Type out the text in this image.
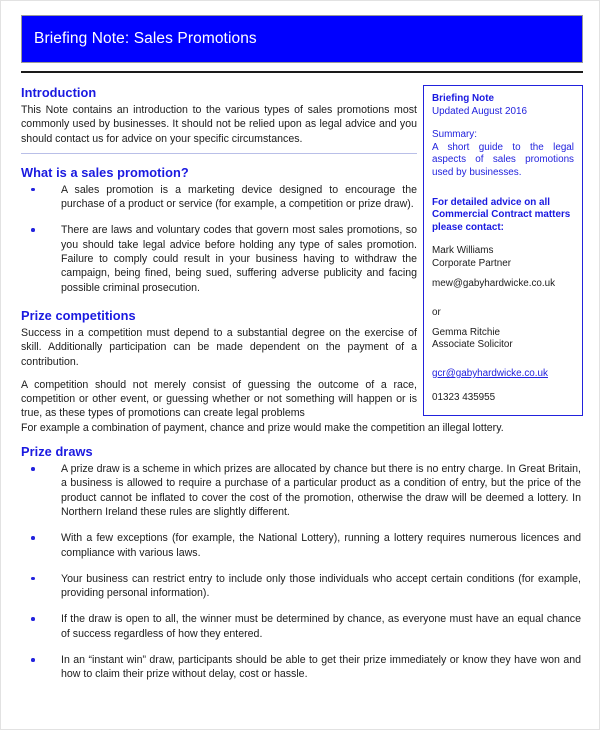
Briefing Note: Sales Promotions
Briefing Note
Updated August 2016
Summary:
A short guide to the legal aspects of sales promotions used by businesses.
For detailed advice on all Commercial Contract matters please contact:
Mark Williams
Corporate Partner
mew@gabyhardwicke.co.uk
or
Gemma Ritchie
Associate Solicitor
gcr@gabyhardwicke.co.uk
01323 435955
Introduction

This Note contains an introduction to the various types of sales promotions most commonly used by businesses. It should not be relied upon as legal advice and you should contact us for advice on your specific circumstances.

What is a sales promotion?
A sales promotion is a marketing device designed to encourage the purchase of a product or service (for example, a competition or prize draw).
There are laws and voluntary codes that govern most sales promotions, so you should take legal advice before holding any type of sales promotion. Failure to comply could result in your business having to withdraw the campaign, being fined, being sued, suffering adverse publicity and facing possible criminal prosecution.
Prize competitions

Success in a competition must depend to a substantial degree on the exercise of skill. Additionally participation can be made dependent on the payment of a contribution.

A competition should not merely consist of guessing the outcome of a race, competition or other event, or guessing whether or not something will happen or is true, as these types of promotions can create legal problems

For example a combination of payment, chance and prize would make the competition an illegal lottery.

Prize draws
A prize draw is a scheme in which prizes are allocated by chance but there is no entry charge. In Great Britain, a business is allowed to require a purchase of a particular product as a condition of entry, but the price of the product cannot be inflated to cover the cost of the promotion, otherwise the draw will be deemed a lottery. In Northern Ireland these rules are slightly different.
With a few exceptions (for example, the National Lottery), running a lottery requires numerous licences and compliance with various laws.
Your business can restrict entry to include only those individuals who accept certain conditions (for example, providing personal information).
If the draw is open to all, the winner must be determined by chance, as everyone must have an equal chance of success regardless of how they entered.
In an “instant win” draw, participants should be able to get their prize immediately or know they have won and how to claim their prize without delay, cost or hassle.
